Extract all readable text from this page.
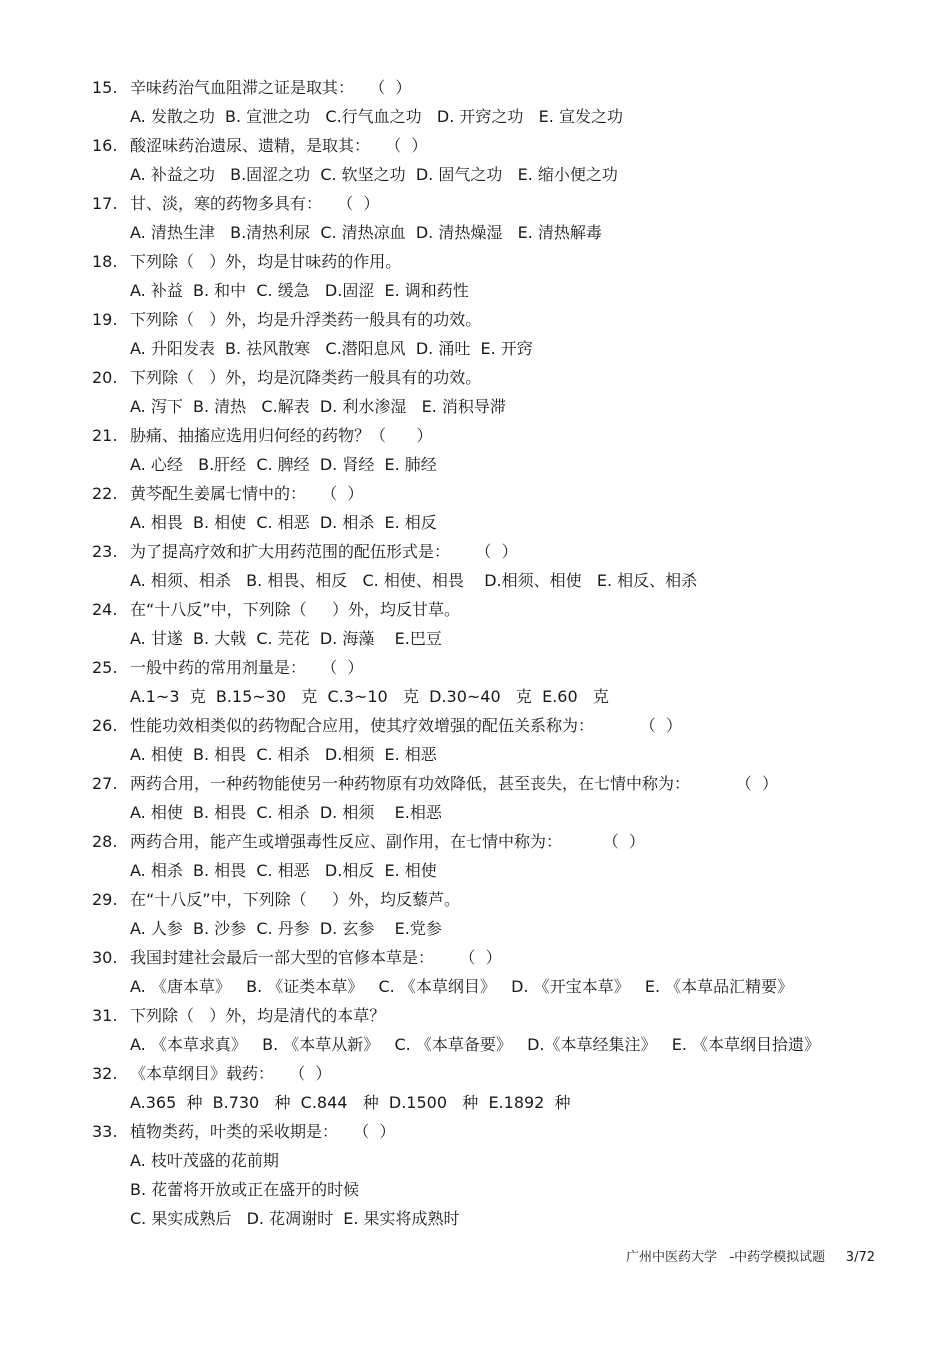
15. 辛味药治气血阻滞之证是取其：   （  ）
A. 发散之功  B. 宣泄之功   C.行气血之功   D. 开窍之功   E. 宣发之功
16. 酸涩味药治遗尿、遗精，是取其：   （  ）
A. 补益之功   B.固涩之功  C. 软坚之功  D. 固气之功   E. 缩小便之功
17. 甘、淡，寒的药物多具有：   （  ）
A. 清热生津   B.清热利尿  C. 清热凉血  D. 清热燥湿   E. 清热解毒
18. 下列除（   ）外，均是甘味药的作用。
A. 补益  B. 和中  C. 缓急   D.固涩  E. 调和药性
19. 下列除（   ）外，均是升浮类药一般具有的功效。
A. 升阳发表  B. 祛风散寒   C.潜阳息风  D. 涌吐  E. 开窍
20. 下列除（   ）外，均是沉降类药一般具有的功效。
A. 泻下  B. 清热   C.解表  D. 利水渗湿   E. 消积导滞
21. 胁痛、抽搐应选用归何经的药物？（      ）
A. 心经   B.肝经  C. 脾经  D. 肾经  E. 肺经
22. 黄芩配生姜属七情中的：   （  ）
A. 相畏  B. 相使  C. 相恶  D. 相杀  E. 相反
23. 为了提高疗效和扩大用药范围的配伍形式是：     （  ）
A. 相须、相杀   B. 相畏、相反   C. 相使、相畏    D.相须、相使   E. 相反、相杀
24. 在“十八反”中，下列除（     ）外，均反甘草。
A. 甘遂  B. 大戟  C. 芫花  D. 海藻    E.巴豆
25. 一般中药的常用剂量是：   （  ）
A.1~3  克  B.15~30   克  C.3~10   克  D.30~40   克  E.60   克
26. 性能功效相类似的药物配合应用，使其疗效增强的配伍关系称为：         （  ）
A. 相使  B. 相畏  C. 相杀   D.相须  E. 相恶
27. 两药合用，一种药物能使另一种药物原有功效降低，甚至丧失，在七情中称为：         （  ）
A. 相使  B. 相畏  C. 相杀  D. 相须    E.相恶
28. 两药合用，能产生或增强毒性反应、副作用，在七情中称为：        （  ）
A. 相杀  B. 相畏  C. 相恶   D.相反  E. 相使
29. 在“十八反”中，下列除（     ）外，均反藜芦。
A. 人参  B. 沙参  C. 丹参  D. 玄参    E.党参
30. 我国封建社会最后一部大型的官修本草是：     （  ）
A. 《唐本草》   B. 《证类本草》   C. 《本草纲目》   D. 《开宝本草》   E. 《本草品汇精要》
31. 下列除（   ）外，均是清代的本草？
A. 《本草求真》   B. 《本草从新》   C. 《本草备要》   D.《本草经集注》   E. 《本草纲目拾遗》
32. 《本草纲目》载药：   （  ）
A.365  种  B.730   种  C.844   种  D.1500   种  E.1892  种
33. 植物类药，叶类的采收期是：   （  ）
A. 枝叶茂盛的花前期
B. 花蕾将开放或正在盛开的时候
C. 果实成熟后   D. 花凋谢时  E. 果实将成熟时
广州中医药大学   -中药学模拟试题     3/72
